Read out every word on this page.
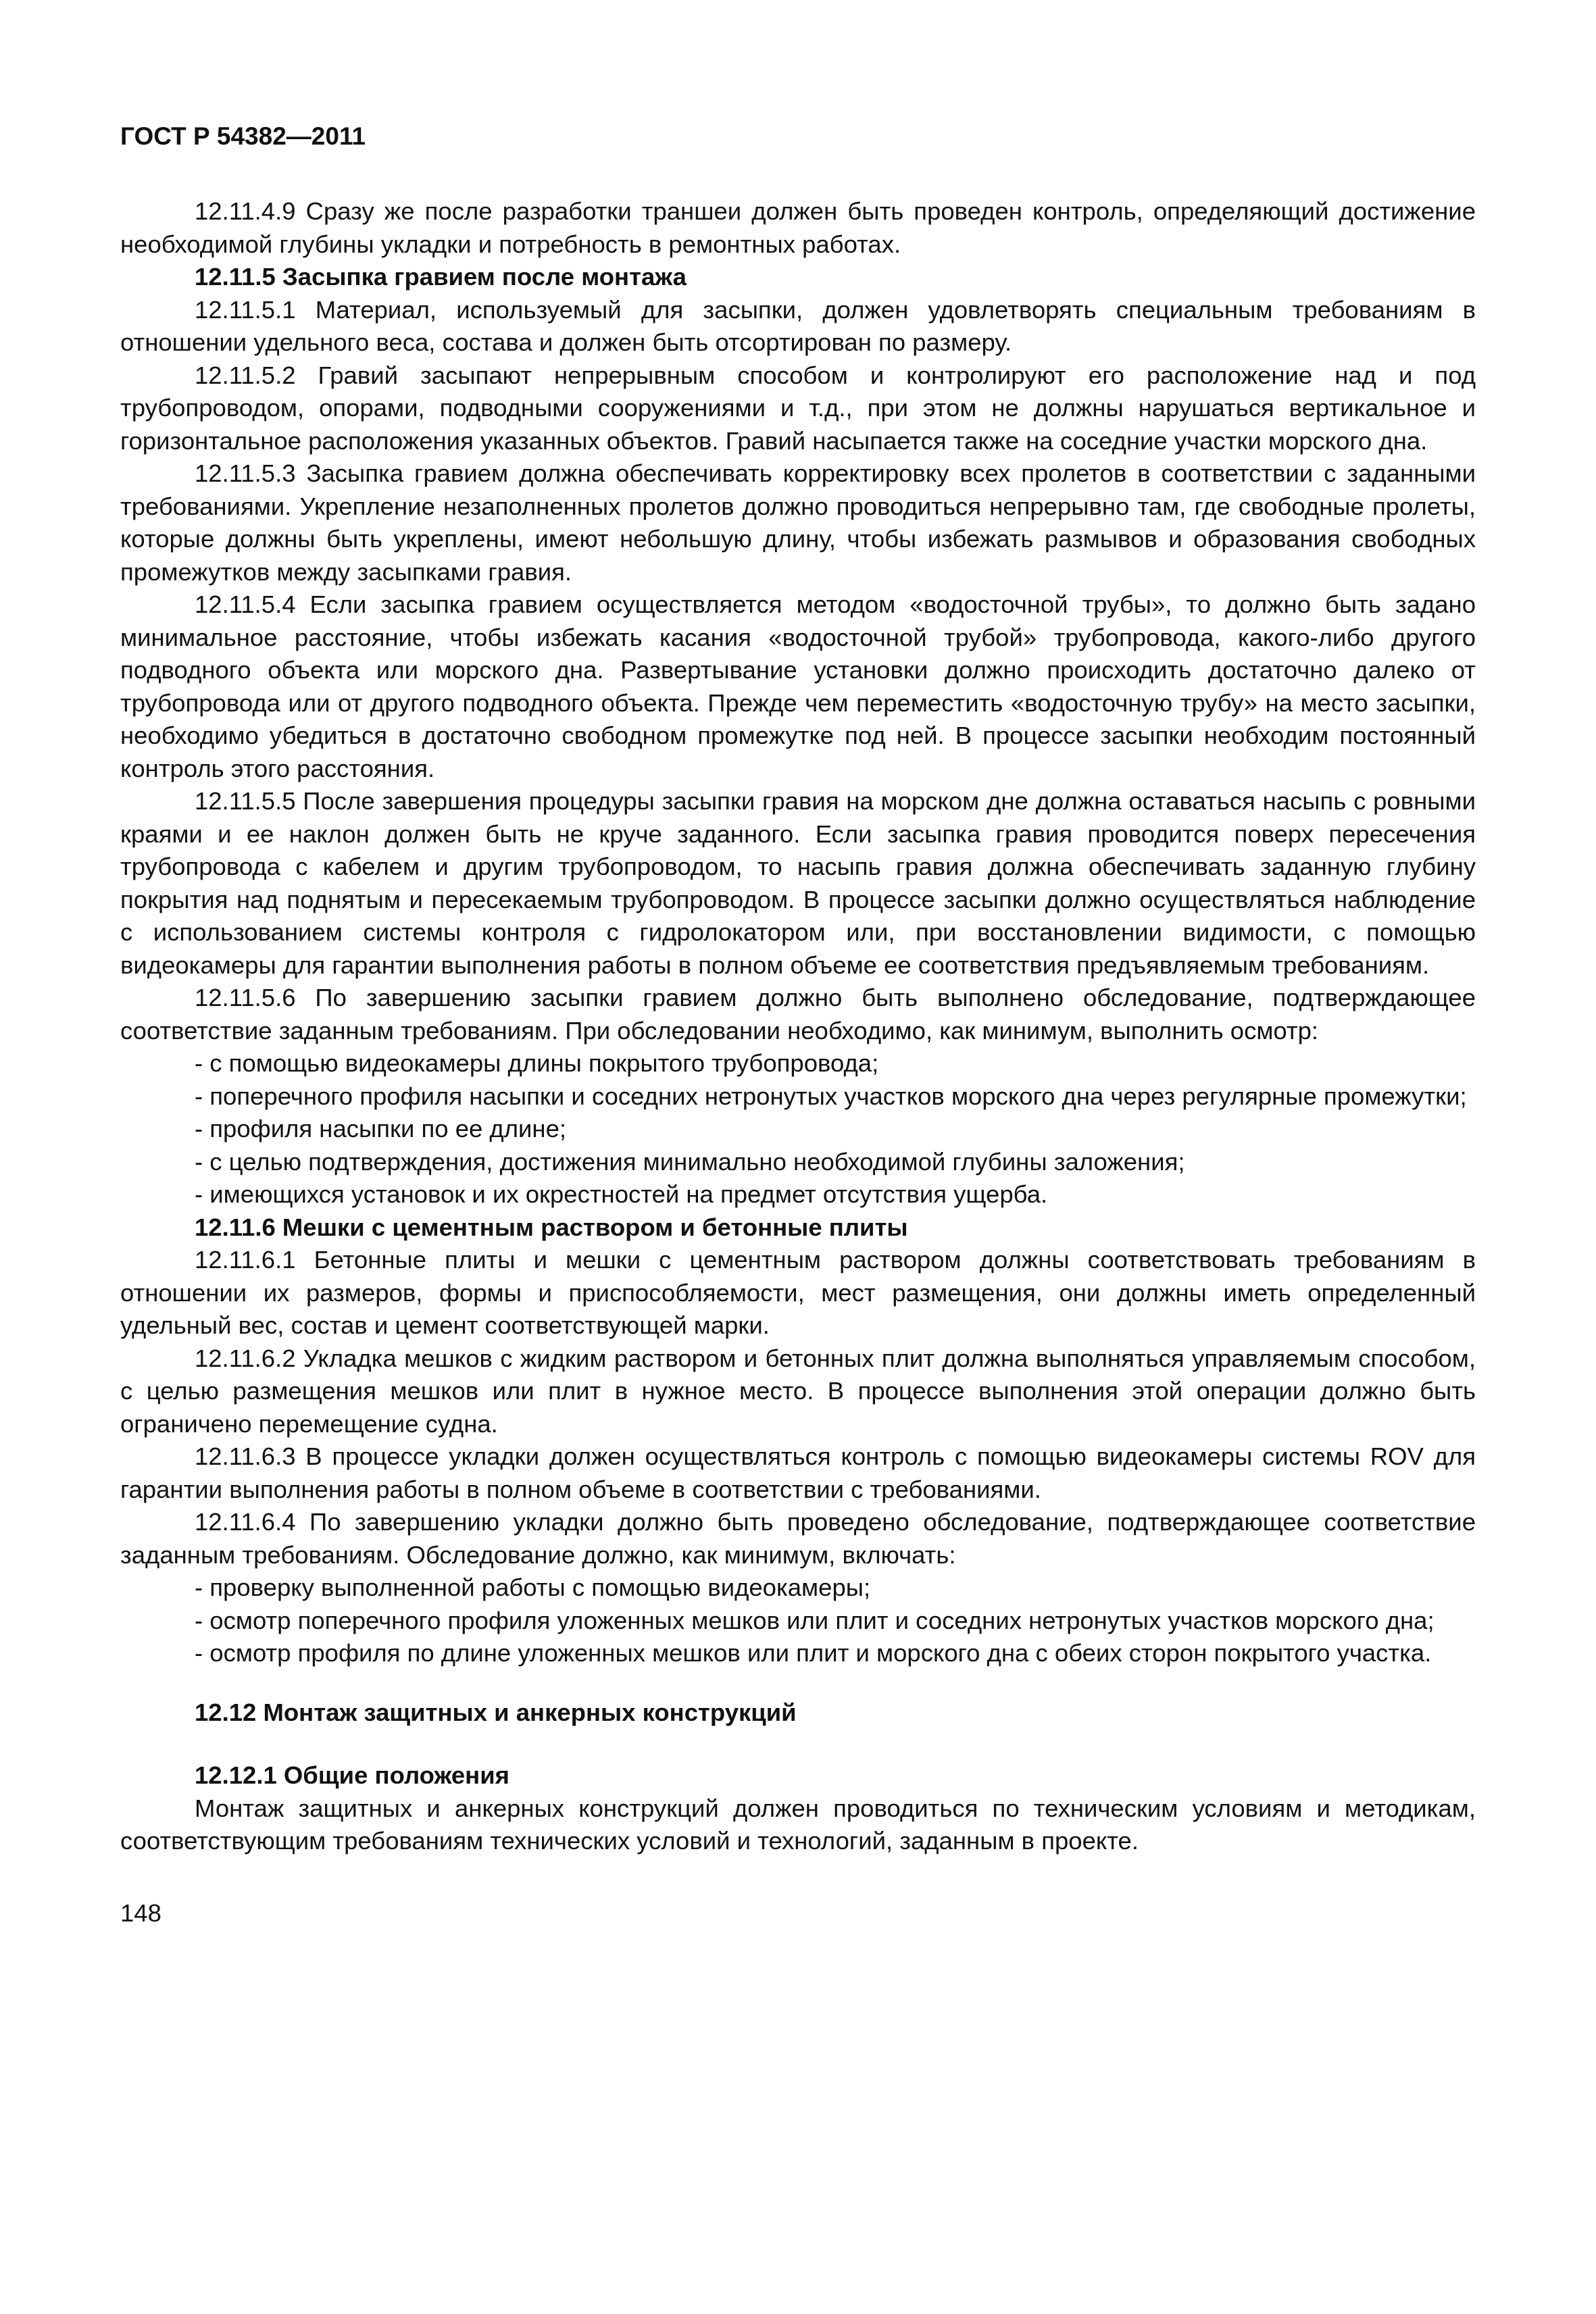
ГОСТ Р 54382—2011

12.11.4.9 Сразу же после разработки траншеи должен быть проведен контроль, определяющий достижение необходимой глубины укладки и потребность в ремонтных работах.

12.11.5 Засыпка гравием после монтажа

12.11.5.1 Материал, используемый для засыпки, должен удовлетворять специальным требованиям в отношении удельного веса, состава и должен быть отсортирован по размеру.

12.11.5.2 Гравий засыпают непрерывным способом и контролируют его расположение над и под трубопроводом, опорами, подводными сооружениями и т.д., при этом не должны нарушаться вертикальное и горизонтальное расположения указанных объектов. Гравий насыпается также на соседние участки морского дна.

12.11.5.3 Засыпка гравием должна обеспечивать корректировку всех пролетов в соответствии с заданными требованиями. Укрепление незаполненных пролетов должно проводиться непрерывно там, где свободные пролеты, которые должны быть укреплены, имеют небольшую длину, чтобы избежать размывов и образования свободных промежутков между засыпками гравия.

12.11.5.4 Если засыпка гравием осуществляется методом «водосточной трубы», то должно быть задано минимальное расстояние, чтобы избежать касания «водосточной трубой» трубопровода, какого-либо другого подводного объекта или морского дна. Развертывание установки должно происходить достаточно далеко от трубопровода или от другого подводного объекта. Прежде чем переместить «водосточную трубу» на место засыпки, необходимо убедиться в достаточно свободном промежутке под ней. В процессе засыпки необходим постоянный контроль этого расстояния.

12.11.5.5 После завершения процедуры засыпки гравия на морском дне должна оставаться насыпь с ровными краями и ее наклон должен быть не круче заданного. Если засыпка гравия проводится поверх пересечения трубопровода с кабелем и другим трубопроводом, то насыпь гравия должна обеспечивать заданную глубину покрытия над поднятым и пересекаемым трубопроводом. В процессе засыпки должно осуществляться наблюдение с использованием системы контроля с гидролокатором или, при восстановлении видимости, с помощью видеокамеры для гарантии выполнения работы в полном объеме ее соответствия предъявляемым требованиям.

12.11.5.6 По завершению засыпки гравием должно быть выполнено обследование, подтверждающее соответствие заданным требованиям. При обследовании необходимо, как минимум, выполнить осмотр:

- с помощью видеокамеры длины покрытого трубопровода;

- поперечного профиля насыпки и соседних нетронутых участков морского дна через регулярные промежутки;

- профиля насыпки по ее длине;

- с целью подтверждения, достижения минимально необходимой глубины заложения;

- имеющихся установок и их окрестностей на предмет отсутствия ущерба.

12.11.6 Мешки с цементным раствором и бетонные плиты

12.11.6.1 Бетонные плиты и мешки с цементным раствором должны соответствовать требованиям в отношении их размеров, формы и приспособляемости, мест размещения, они должны иметь определенный удельный вес, состав и цемент соответствующей марки.

12.11.6.2 Укладка мешков с жидким раствором и бетонных плит должна выполняться управляемым способом, с целью размещения мешков или плит в нужное место. В процессе выполнения этой операции должно быть ограничено перемещение судна.

12.11.6.3 В процессе укладки должен осуществляться контроль с помощью видеокамеры системы ROV для гарантии выполнения работы в полном объеме в соответствии с требованиями.

12.11.6.4 По завершению укладки должно быть проведено обследование, подтверждающее соответствие заданным требованиям. Обследование должно, как минимум, включать:

- проверку выполненной работы с помощью видеокамеры;

- осмотр поперечного профиля уложенных мешков или плит и соседних нетронутых участков морского дна;

- осмотр профиля по длине уложенных мешков или плит и морского дна с обеих сторон покрытого участка.

12.12 Монтаж защитных и анкерных конструкций

12.12.1 Общие положения

Монтаж защитных и анкерных конструкций должен проводиться по техническим условиям и методикам, соответствующим требованиям технических условий и технологий, заданным в проекте.

148
